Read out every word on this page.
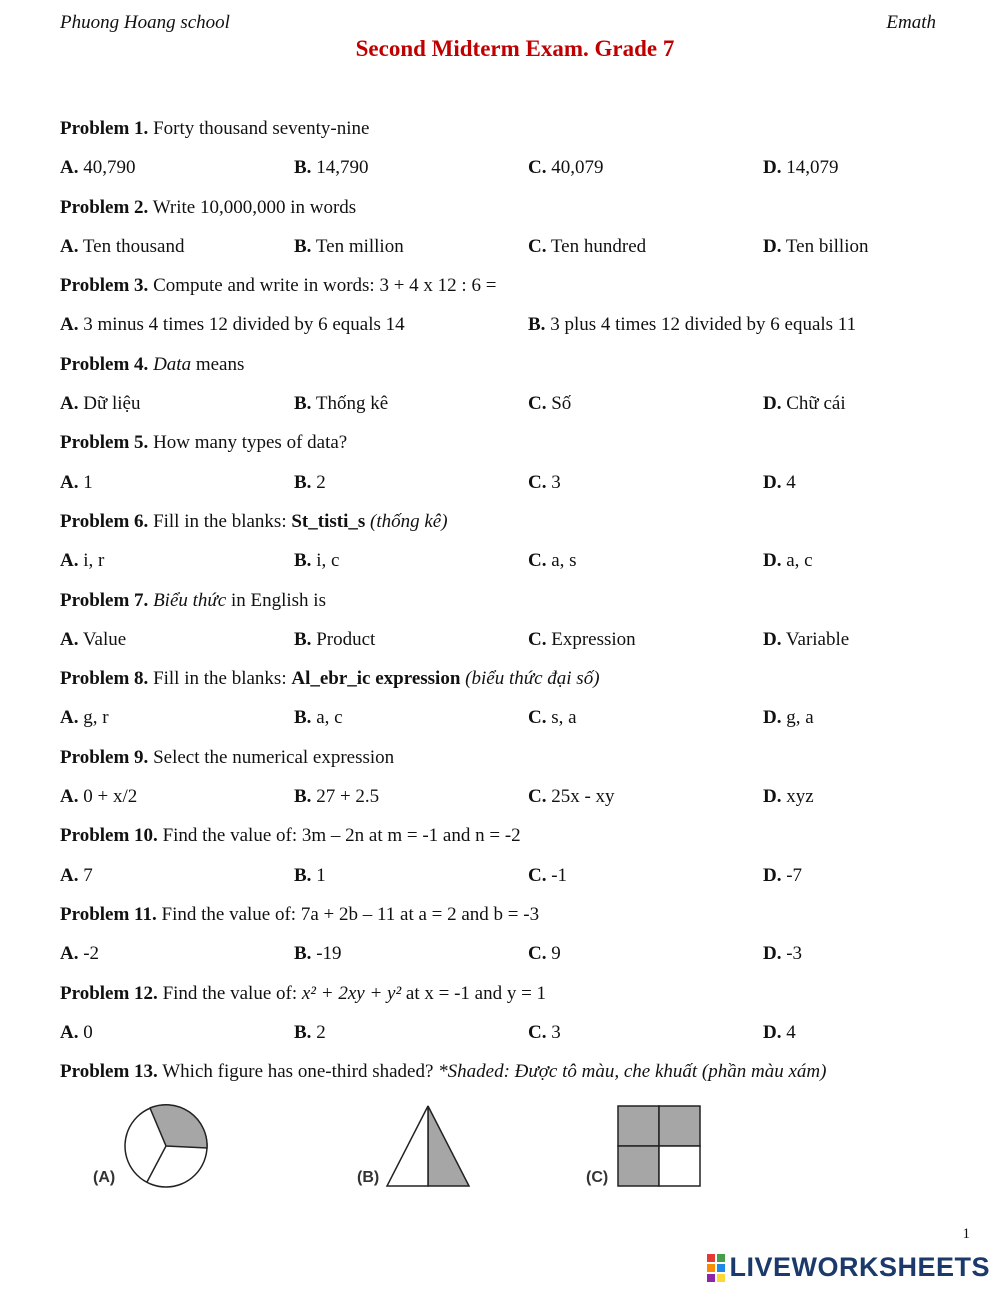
Phuong Hoang school	Emath
Second Midterm Exam. Grade 7
Problem 1. Forty thousand seventy-nine
A. 40,790	B. 14,790	C. 40,079	D. 14,079
Problem 2. Write 10,000,000 in words
A. Ten thousand	B. Ten million	C. Ten hundred	D. Ten billion
Problem 3. Compute and write in words: 3 + 4 x 12 : 6 =
A. 3 minus 4 times 12 divided by 6 equals 14	B. 3 plus 4 times 12 divided by 6 equals 11
Problem 4. Data means
A. Dữ liệu	B. Thống kê	C. Số	D. Chữ cái
Problem 5. How many types of data?
A. 1	B. 2	C. 3	D. 4
Problem 6. Fill in the blanks: St_tisti_s (thống kê)
A. i, r	B. i, c	C. a, s	D. a, c
Problem 7. Biểu thức in English is
A. Value	B. Product	C. Expression	D. Variable
Problem 8. Fill in the blanks: Al_ebr_ic expression (biểu thức đại số)
A. g, r	B. a, c	C. s, a	D. g, a
Problem 9. Select the numerical expression
A. 0 + x/2	B. 27 + 2.5	C. 25x - xy	D. xyz
Problem 10. Find the value of: 3m – 2n at m = -1 and n = -2
A. 7	B. 1	C. -1	D. -7
Problem 11. Find the value of: 7a + 2b – 11 at a = 2 and b = -3
A. -2	B. -19	C. 9	D. -3
Problem 12. Find the value of: x² + 2xy + y² at x = -1 and y = 1
A. 0	B. 2	C. 3	D. 4
Problem 13. Which figure has one-third shaded? *Shaded: Được tô màu, che khuất (phần màu xám)
(A)	(B)	(C)
1
LIVEWORKSHEETS
